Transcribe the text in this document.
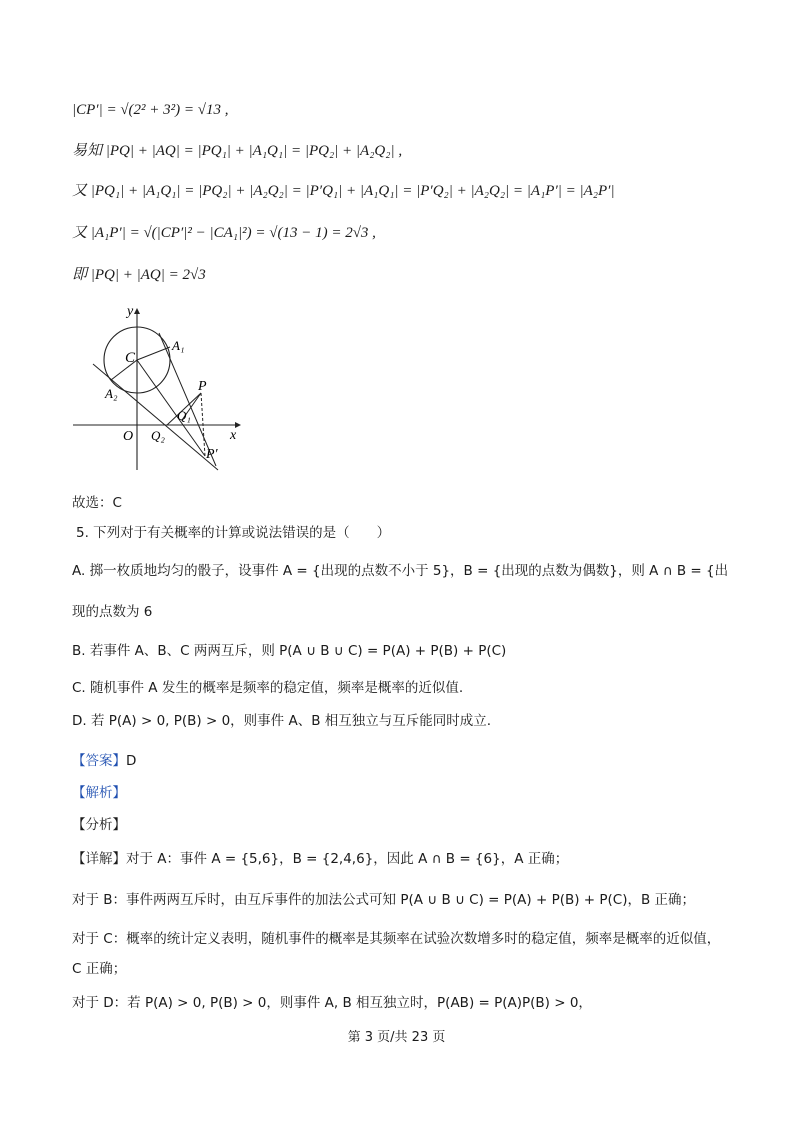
|CP′| = √(2² + 3²) = √13 ,
易知 |PQ| + |AQ| = |PQ₁| + |A₁Q₁| = |PQ₂| + |A₂Q₂| ,
又 |PQ₁| + |A₁Q₁| = |PQ₂| + |A₂Q₂| = |P′Q₁| + |A₁Q₁| = |P′Q₂| + |A₂Q₂| = |A₁P′| = |A₂P′|
又 |A₁P′| = √(|CP′|² − |CA₁|²) = √(13 − 1) = 2√3 ,
即 |PQ| + |AQ| = 2√3
y
x
O
C
A₁
A₂	P
P′
Q₁
Q₂
故选：C
5. 下列对于有关概率的计算或说法错误的是（　　）
A. 掷一枚质地均匀的骰子，设事件 A = {出现的点数不小于 5}，B = {出现的点数为偶数}，则 A ∩ B = {出
现的点数为 6
B. 若事件 A、B、C 两两互斥，则 P(A ∪ B ∪ C) = P(A) + P(B) + P(C)
C. 随机事件 A 发生的概率是频率的稳定值，频率是概率的近似值.
D. 若 P(A) > 0, P(B) > 0，则事件 A、B 相互独立与互斥能同时成立.
【答案】D
【解析】
【分析】
【详解】对于 A：事件 A = {5,6}，B = {2,4,6}，因此 A ∩ B = {6}，A 正确；
对于 B：事件两两互斥时，由互斥事件的加法公式可知 P(A ∪ B ∪ C) = P(A) + P(B) + P(C)，B 正确；
对于 C：概率的统计定义表明，随机事件的概率是其频率在试验次数增多时的稳定值，频率是概率的近似值，
C 正确；
对于 D：若 P(A) > 0, P(B) > 0，则事件 A, B 相互独立时，P(AB) = P(A)P(B) > 0，
第 3 页/共 23 页
